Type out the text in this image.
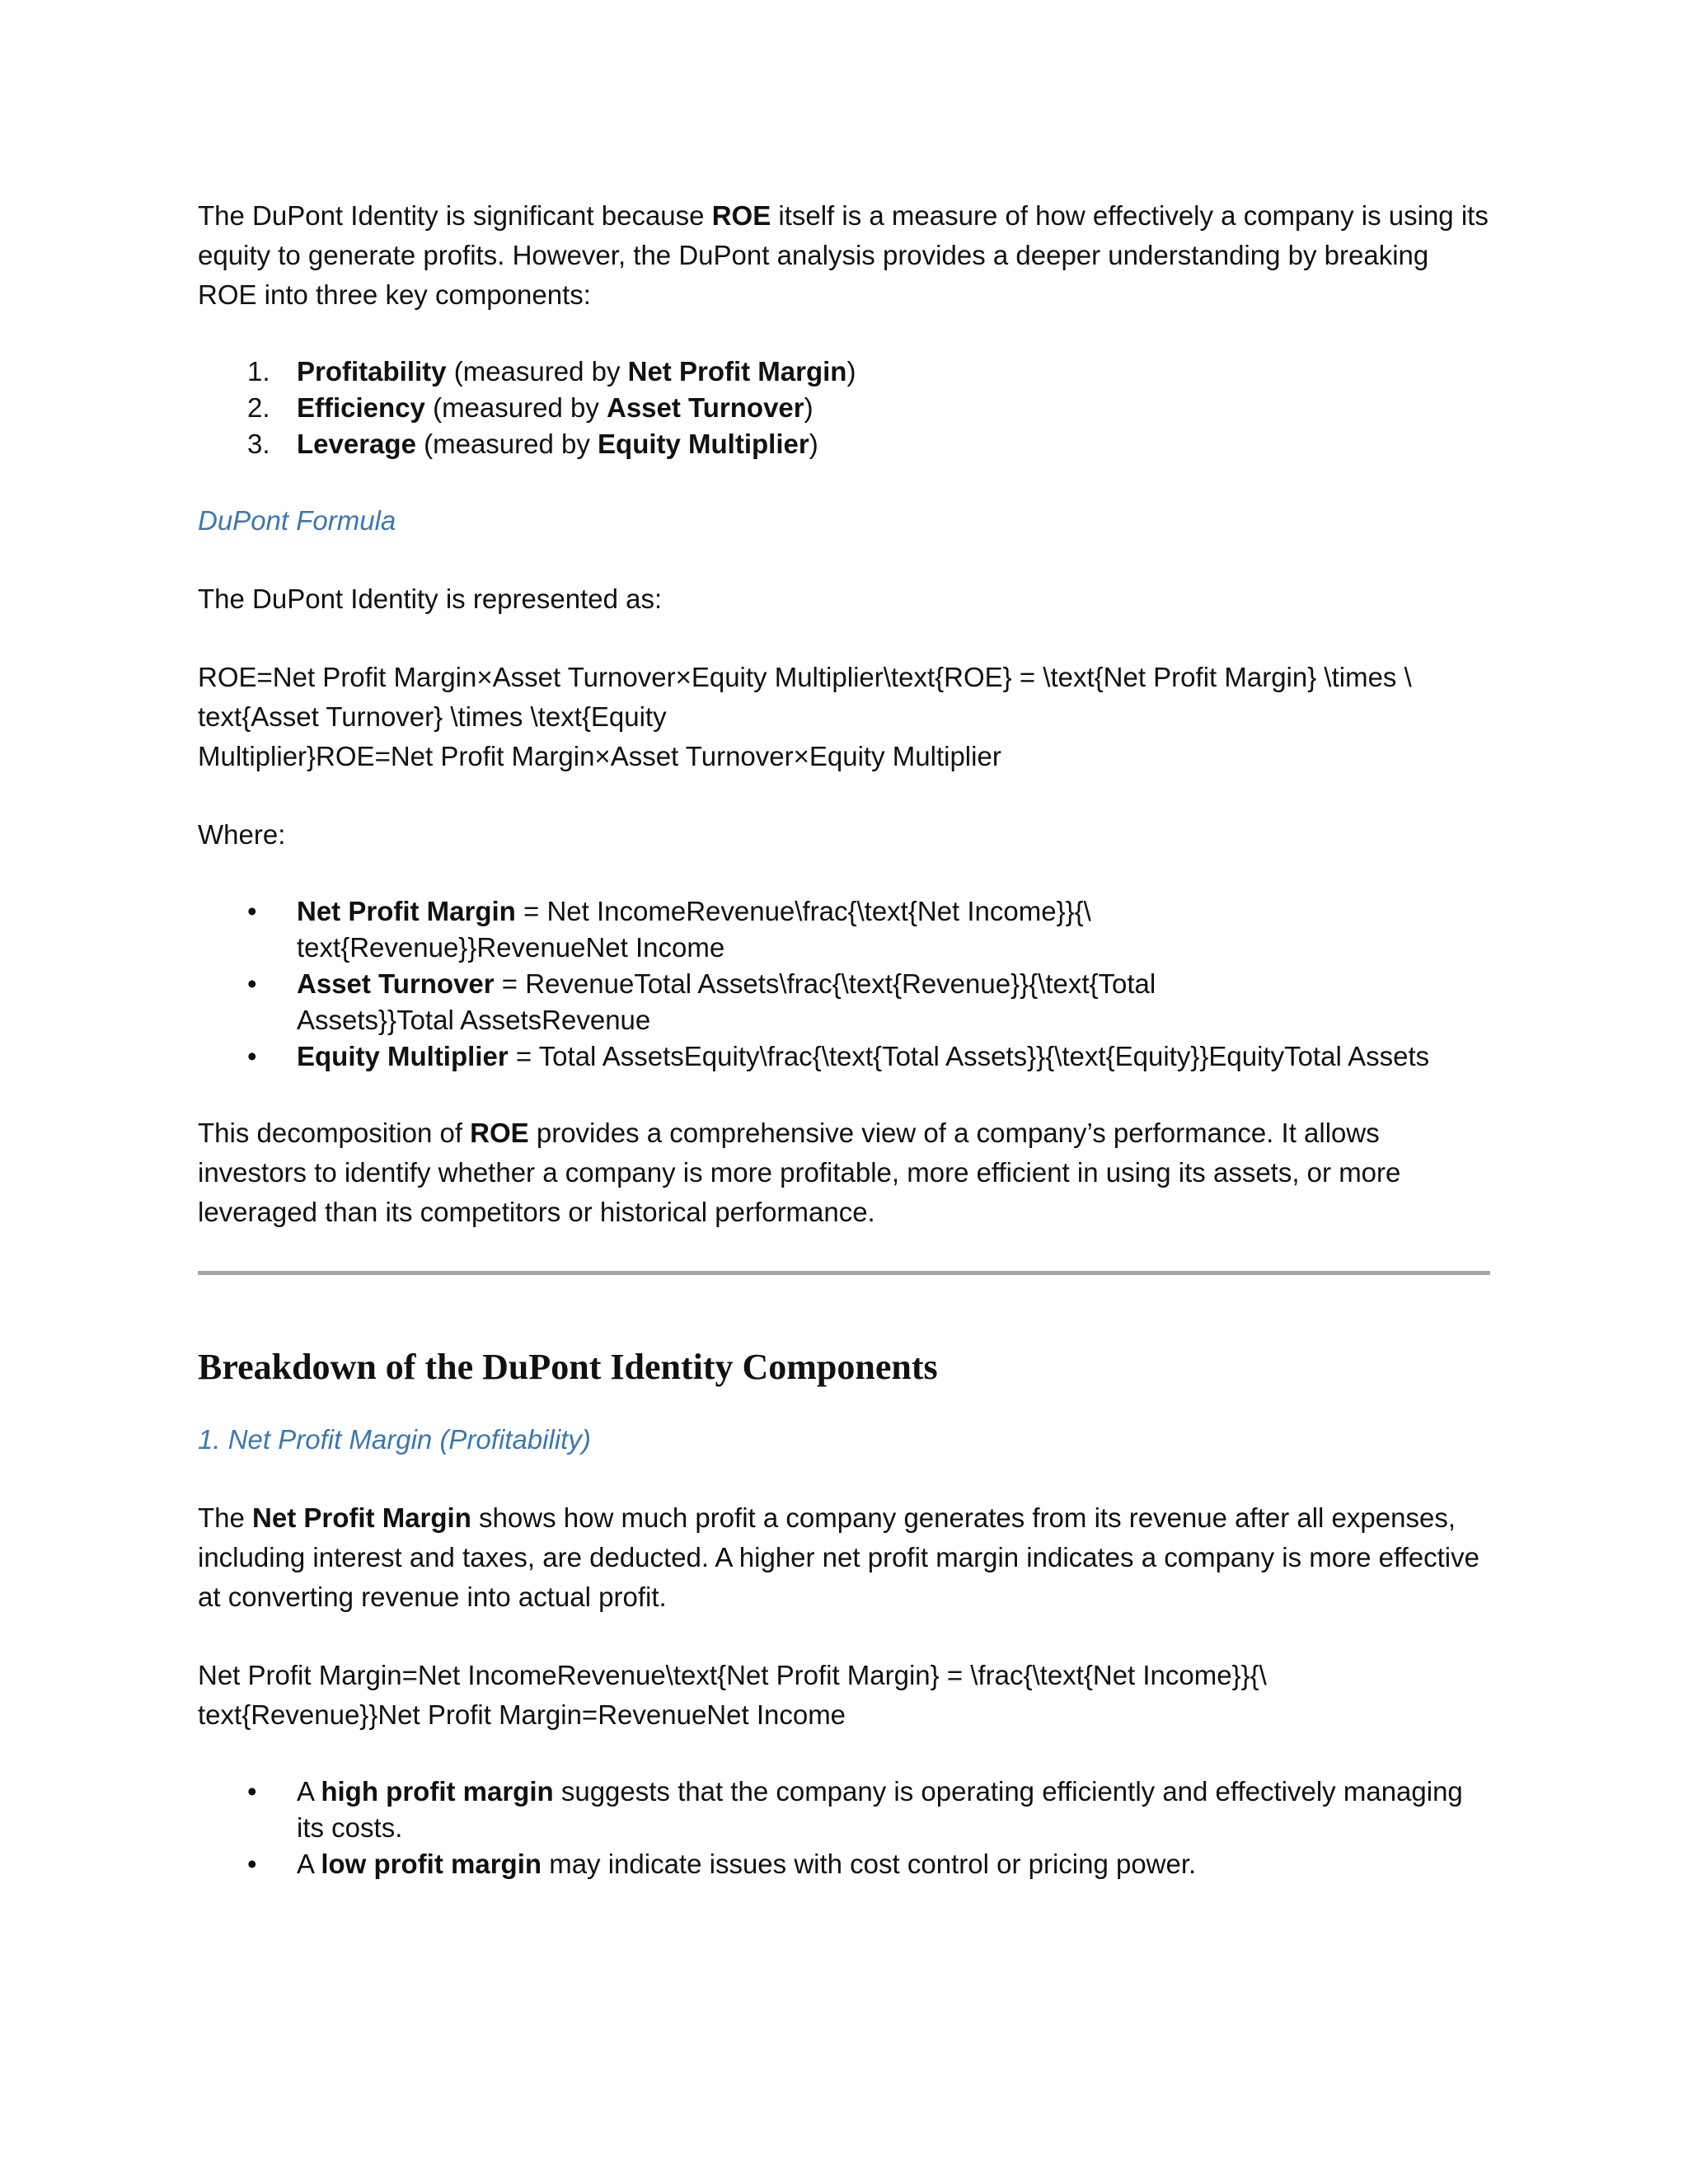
The DuPont Identity is significant because ROE itself is a measure of how effectively a company is using its equity to generate profits. However, the DuPont analysis provides a deeper understanding by breaking ROE into three key components:

1. Profitability (measured by Net Profit Margin)
2. Efficiency (measured by Asset Turnover)
3. Leverage (measured by Equity Multiplier)
DuPont Formula

The DuPont Identity is represented as:

ROE=Net Profit Margin×Asset Turnover×Equity Multiplier\text{ROE} = \text{Net Profit Margin} \times \
text{Asset Turnover} \times \text{Equity
Multiplier}ROE=Net Profit Margin×Asset Turnover×Equity Multiplier

Where:

• Net Profit Margin = Net IncomeRevenue\frac{\text{Net Income}}{\
text{Revenue}}RevenueNet Income
• Asset Turnover = RevenueTotal Assets\frac{\text{Revenue}}{\text{Total
Assets}}Total AssetsRevenue
• Equity Multiplier = Total AssetsEquity\frac{\text{Total Assets}}{\text{Equity}}EquityTotal Assets

This decomposition of ROE provides a comprehensive view of a company’s performance. It allows investors to identify whether a company is more profitable, more efficient in using its assets, or more leveraged than its competitors or historical performance.

Breakdown of the DuPont Identity Components
1. Net Profit Margin (Profitability)

The Net Profit Margin shows how much profit a company generates from its revenue after all expenses, including interest and taxes, are deducted. A higher net profit margin indicates a company is more effective at converting revenue into actual profit.

Net Profit Margin=Net IncomeRevenue\text{Net Profit Margin} = \frac{\text{Net Income}}{\
text{Revenue}}Net Profit Margin=RevenueNet Income

• A high profit margin suggests that the company is operating efficiently and effectively managing its costs.
• A low profit margin may indicate issues with cost control or pricing power.
